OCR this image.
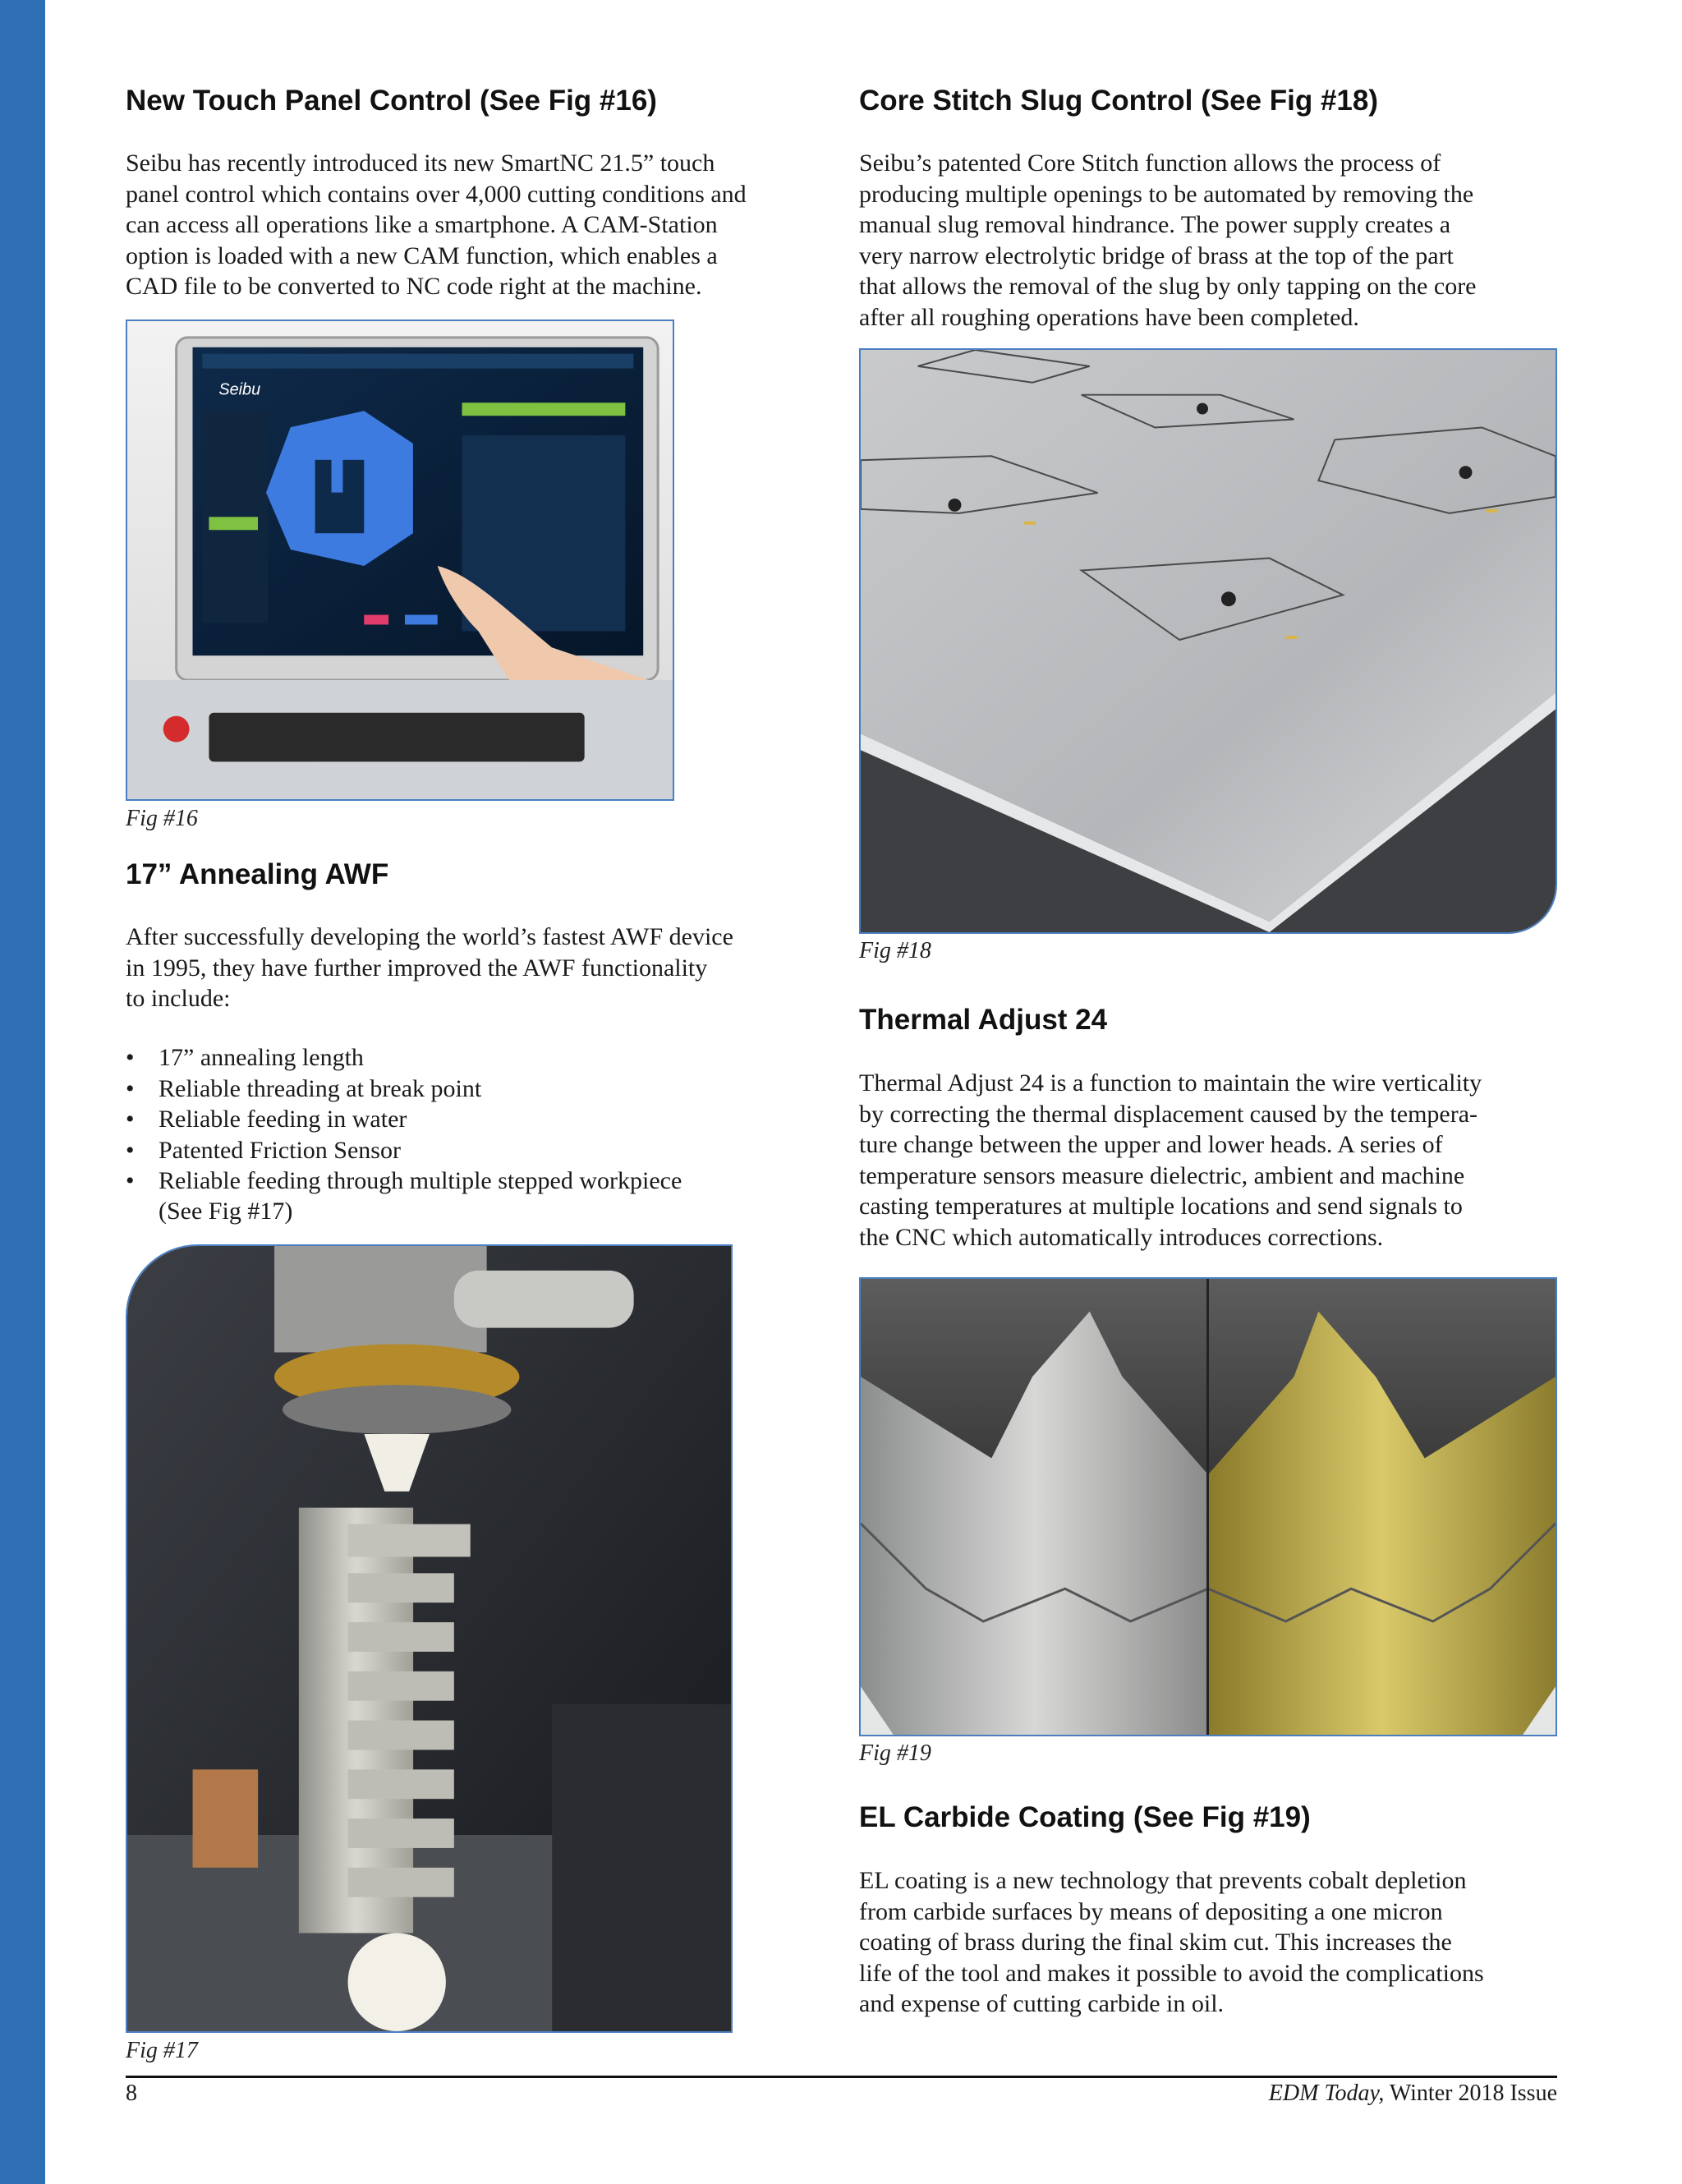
New Touch Panel Control (See Fig #16)
Seibu has recently introduced its new SmartNC 21.5” touch
panel control which contains over 4,000 cutting conditions and
can access all operations like a smartphone. A CAM-Station
option is loaded with a new CAM function, which enables a
CAD file to be converted to NC code right at the machine.
Seibu

Fig #16

17” Annealing AWF
After successfully developing the world’s fastest AWF device
in 1995, they have further improved the AWF functionality
to include:
• 17” annealing length
• Reliable threading at break point
• Reliable feeding in water
• Patented Friction Sensor
• Reliable feeding through multiple stepped workpiece
(See Fig #17)

Fig #17

Core Stitch Slug Control (See Fig #18)
Seibu’s patented Core Stitch function allows the process of
producing multiple openings to be automated by removing the
manual slug removal hindrance. The power supply creates a
very narrow electrolytic bridge of brass at the top of the part
that allows the removal of the slug by only tapping on the core
after all roughing operations have been completed.

Fig #18

Thermal Adjust 24
Thermal Adjust 24 is a function to maintain the wire verticality
by correcting the thermal displacement caused by the tempera-
ture change between the upper and lower heads. A series of
temperature sensors measure dielectric, ambient and machine
casting temperatures at multiple locations and send signals to
the CNC which automatically introduces corrections.

Fig #19

EL Carbide Coating (See Fig #19)
EL coating is a new technology that prevents cobalt depletion
from carbide surfaces by means of depositing a one micron
coating of brass during the final skim cut. This increases the
life of the tool and makes it possible to avoid the complications
and expense of cutting carbide in oil.
8	EDM Today, Winter 2018 Issue
